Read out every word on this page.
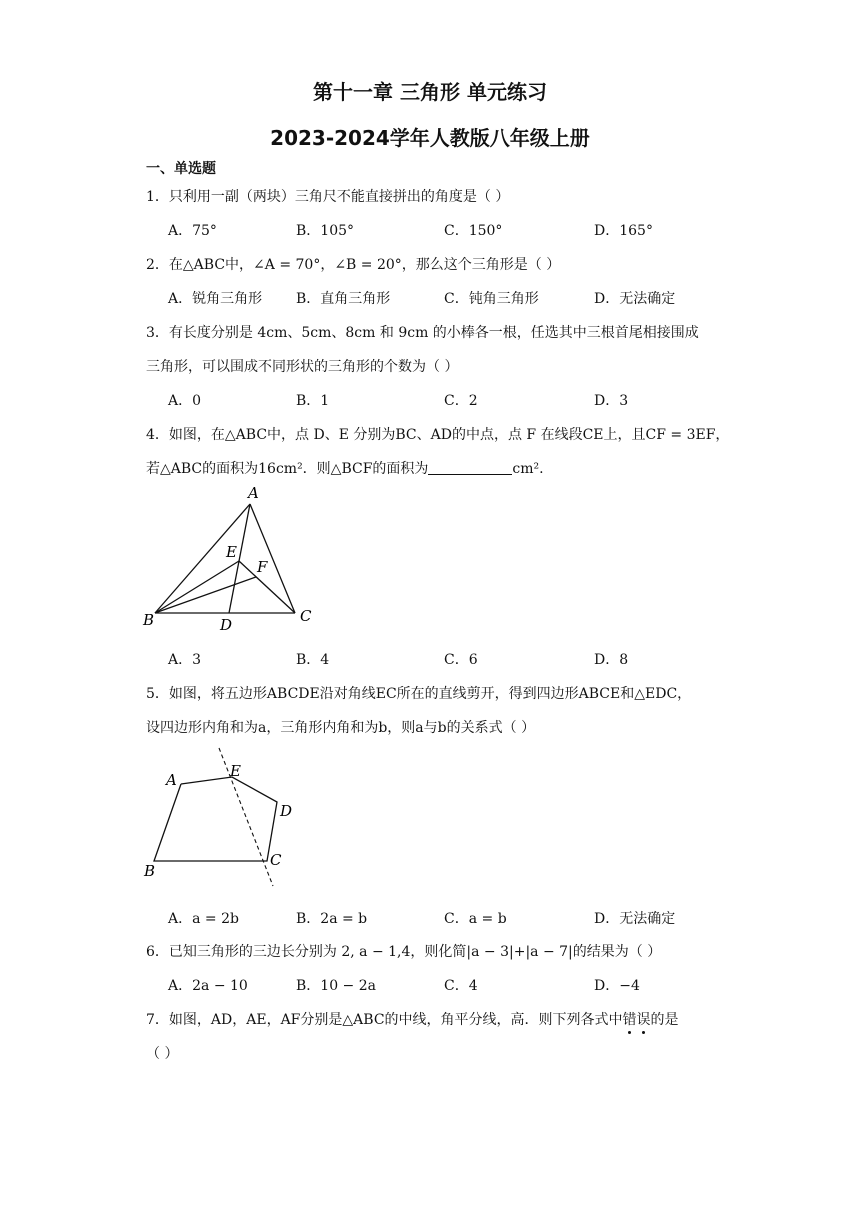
第十一章 三角形 单元练习
2023-2024学年人教版八年级上册
一、单选题
1．只利用一副（两块）三角尺不能直接拼出的角度是（ ）
A．75°	B．105°	C．150°	D．165°
2．在△ABC中，∠A = 70°，∠B = 20°，那么这个三角形是（ ）
A．锐角三角形 B．直角三角形	C．钝角三角形	D．无法确定
3．有长度分别是 4cm、5cm、8cm 和 9cm 的小棒各一根，任选其中三根首尾相接围成
三角形，可以围成不同形状的三角形的个数为（ ）
A．0	B．1	C．2	D．3
4．如图，在△ABC中，点 D、E 分别为BC、AD的中点，点 F 在线段CE上，且CF = 3EF，
若△ABC的面积为16cm²．则△BCF的面积为	cm².
A
B	C
D
E
F
A．3	B．4	C．6	D．8
5．如图，将五边形ABCDE沿对角线EC所在的直线剪开，得到四边形ABCE和△EDC，
设四边形内角和为a，三角形内角和为b，则a与b的关系式（ ）
A
B
C
D
E
A．a = 2b	B．2a = b	C．a = b	D．无法确定
6．已知三角形的三边长分别为 2, a − 1,4，则化简|a − 3|+|a − 7|的结果为（ ）
A．2a − 10	B．10 − 2a	C．4	D．−4
7．如图，AD，AE，AF分别是△ABC的中线，角平分线，高．则下列各式中错误
的是
（ ）
